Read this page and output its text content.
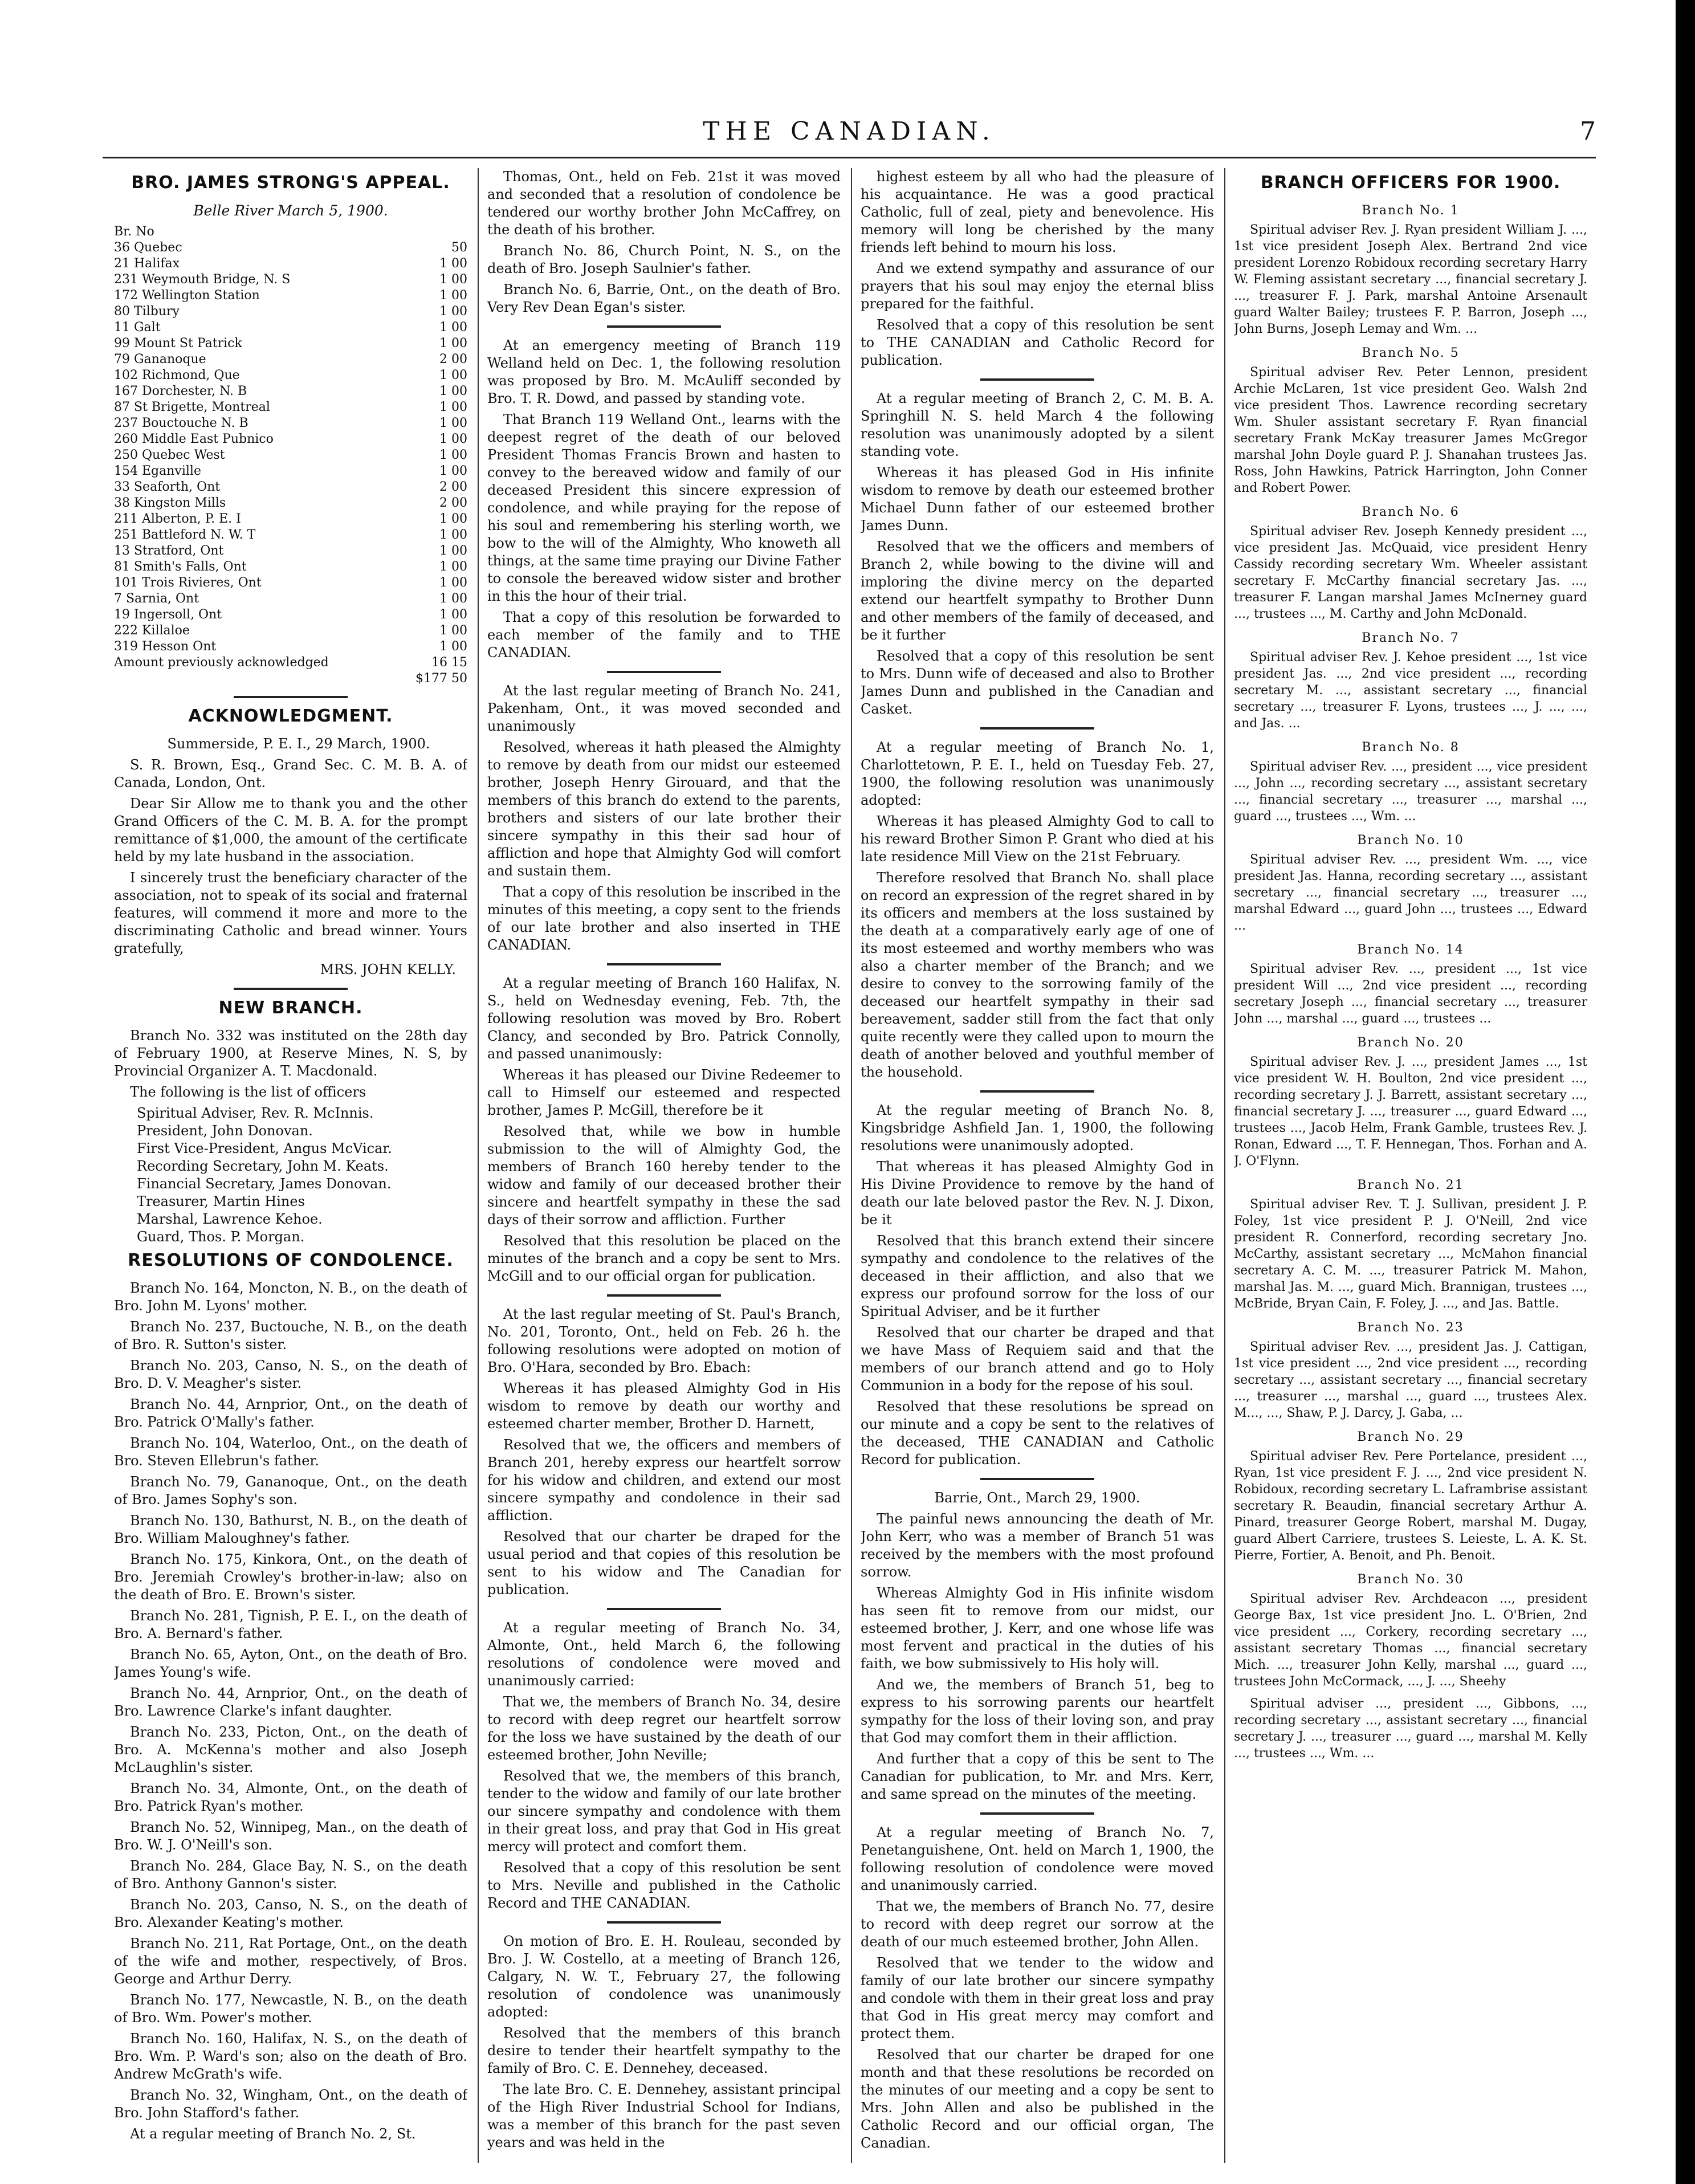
THE CANADIAN.	7
BRO. JAMES STRONG'S APPEAL.
Belle River March 5, 1900.
Br. No
36 Quebec	50
21 Halifax	1 00
231 Weymouth Bridge, N. S	1 00
172 Wellington Station	1 00
80 Tilbury	1 00
11 Galt	1 00
99 Mount St Patrick	1 00
79 Gananoque	2 00
102 Richmond, Que	1 00
167 Dorchester, N. B	1 00
87 St Brigette, Montreal	1 00
237 Bouctouche N. B	1 00
260 Middle East Pubnico	1 00
250 Quebec West	1 00
154 Eganville	1 00
33 Seaforth, Ont	2 00
38 Kingston Mills	2 00
211 Alberton, P. E. I	1 00
251 Battleford N. W. T	1 00
13 Stratford, Ont	1 00
81 Smith's Falls, Ont	1 00
101 Trois Rivieres, Ont	1 00
7 Sarnia, Ont	1 00
19 Ingersoll, Ont	1 00
222 Killaloe	1 00
319 Hesson Ont	1 00
Amount previously acknowledged	16 15
$177 50
ACKNOWLEDGMENT.

Summerside, P. E. I., 29 March, 1900.

S. R. Brown, Esq., Grand Sec. C. M. B. A. of Canada, London, Ont.

Dear Sir Allow me to thank you and the other Grand Officers of the C. M. B. A. for the prompt remittance of $1,000, the amount of the certificate held by my late husband in the association.

I sincerely trust the beneficiary character of the association, not to speak of its social and fraternal features, will commend it more and more to the discriminating Catholic and bread winner. Yours gratefully,

MRS. JOHN KELLY.

NEW BRANCH.

Branch No. 332 was instituted on the 28th day of February 1900, at Reserve Mines, N. S, by Provincial Organizer A. T. Macdonald.

The following is the list of officers

Spiritual Adviser, Rev. R. McInnis.
President, John Donovan.
First Vice-President, Angus McVicar.
Recording Secretary, John M. Keats.
Financial Secretary, James Donovan.
Treasurer, Martin Hines
Marshal, Lawrence Kehoe.
Guard, Thos. P. Morgan.
RESOLUTIONS OF CONDOLENCE.

Branch No. 164, Moncton, N. B., on the death of Bro. John M. Lyons' mother.

Branch No. 237, Buctouche, N. B., on the death of Bro. R. Sutton's sister.

Branch No. 203, Canso, N. S., on the death of Bro. D. V. Meagher's sister.

Branch No. 44, Arnprior, Ont., on the death of Bro. Patrick O'Mally's father.

Branch No. 104, Waterloo, Ont., on the death of Bro. Steven Ellebrun's father.

Branch No. 79, Gananoque, Ont., on the death of Bro. James Sophy's son.

Branch No. 130, Bathurst, N. B., on the death of Bro. William Maloughney's father.

Branch No. 175, Kinkora, Ont., on the death of Bro. Jeremiah Crowley's brother-in-law; also on the death of Bro. E. Brown's sister.

Branch No. 281, Tignish, P. E. I., on the death of Bro. A. Bernard's father.

Branch No. 65, Ayton, Ont., on the death of Bro. James Young's wife.

Branch No. 44, Arnprior, Ont., on the death of Bro. Lawrence Clarke's infant daughter.

Branch No. 233, Picton, Ont., on the death of Bro. A. McKenna's mother and also Joseph McLaughlin's sister.

Branch No. 34, Almonte, Ont., on the death of Bro. Patrick Ryan's mother.

Branch No. 52, Winnipeg, Man., on the death of Bro. W. J. O'Neill's son.

Branch No. 284, Glace Bay, N. S., on the death of Bro. Anthony Gannon's sister.

Branch No. 203, Canso, N. S., on the death of Bro. Alexander Keating's mother.

Branch No. 211, Rat Portage, Ont., on the death of the wife and mother, respectively, of Bros. George and Arthur Derry.

Branch No. 177, Newcastle, N. B., on the death of Bro. Wm. Power's mother.

Branch No. 160, Halifax, N. S., on the death of Bro. Wm. P. Ward's son; also on the death of Bro. Andrew McGrath's wife.

Branch No. 32, Wingham, Ont., on the death of Bro. John Stafford's father.

At a regular meeting of Branch No. 2, St.

Thomas, Ont., held on Feb. 21st it was moved and seconded that a resolution of condolence be tendered our worthy brother John McCaffrey, on the death of his brother.

Branch No. 86, Church Point, N. S., on the death of Bro. Joseph Saulnier's father.

Branch No. 6, Barrie, Ont., on the death of Bro. Very Rev Dean Egan's sister.

At an emergency meeting of Branch 119 Welland held on Dec. 1, the following resolution was proposed by Bro. M. McAuliff seconded by Bro. T. R. Dowd, and passed by standing vote.

That Branch 119 Welland Ont., learns with the deepest regret of the death of our beloved President Thomas Francis Brown and hasten to convey to the bereaved widow and family of our deceased President this sincere expression of condolence, and while praying for the repose of his soul and remembering his sterling worth, we bow to the will of the Almighty, Who knoweth all things, at the same time praying our Divine Father to console the bereaved widow sister and brother in this the hour of their trial.

That a copy of this resolution be forwarded to each member of the family and to THE CANADIAN.

At the last regular meeting of Branch No. 241, Pakenham, Ont., it was moved seconded and unanimously

Resolved, whereas it hath pleased the Almighty to remove by death from our midst our esteemed brother, Joseph Henry Girouard, and that the members of this branch do extend to the parents, brothers and sisters of our late brother their sincere sympathy in this their sad hour of affliction and hope that Almighty God will comfort and sustain them.

That a copy of this resolution be inscribed in the minutes of this meeting, a copy sent to the friends of our late brother and also inserted in THE CANADIAN.

At a regular meeting of Branch 160 Halifax, N. S., held on Wednesday evening, Feb. 7th, the following resolution was moved by Bro. Robert Clancy, and seconded by Bro. Patrick Connolly, and passed unanimously:

Whereas it has pleased our Divine Redeemer to call to Himself our esteemed and respected brother, James P. McGill, therefore be it

Resolved that, while we bow in humble submission to the will of Almighty God, the members of Branch 160 hereby tender to the widow and family of our deceased brother their sincere and heartfelt sympathy in these the sad days of their sorrow and affliction. Further

Resolved that this resolution be placed on the minutes of the branch and a copy be sent to Mrs. McGill and to our official organ for publication.

At the last regular meeting of St. Paul's Branch, No. 201, Toronto, Ont., held on Feb. 26 h. the following resolutions were adopted on motion of Bro. O'Hara, seconded by Bro. Ebach:

Whereas it has pleased Almighty God in His wisdom to remove by death our worthy and esteemed charter member, Brother D. Harnett,

Resolved that we, the officers and members of Branch 201, hereby express our heartfelt sorrow for his widow and children, and extend our most sincere sympathy and condolence in their sad affliction.

Resolved that our charter be draped for the usual period and that copies of this resolution be sent to his widow and The Canadian for publication.

At a regular meeting of Branch No. 34, Almonte, Ont., held March 6, the following resolutions of condolence were moved and unanimously carried:

That we, the members of Branch No. 34, desire to record with deep regret our heartfelt sorrow for the loss we have sustained by the death of our esteemed brother, John Neville;

Resolved that we, the members of this branch, tender to the widow and family of our late brother our sincere sympathy and condolence with them in their great loss, and pray that God in His great mercy will protect and comfort them.

Resolved that a copy of this resolution be sent to Mrs. Neville and published in the Catholic Record and THE CANADIAN.

On motion of Bro. E. H. Rouleau, seconded by Bro. J. W. Costello, at a meeting of Branch 126, Calgary, N. W. T., February 27, the following resolution of condolence was unanimously adopted:

Resolved that the members of this branch desire to tender their heartfelt sympathy to the family of Bro. C. E. Dennehey, deceased.

The late Bro. C. E. Dennehey, assistant principal of the High River Industrial School for Indians, was a member of this branch for the past seven years and was held in the

highest esteem by all who had the pleasure of his acquaintance. He was a good practical Catholic, full of zeal, piety and benevolence. His memory will long be cherished by the many friends left behind to mourn his loss.

And we extend sympathy and assurance of our prayers that his soul may enjoy the eternal bliss prepared for the faithful.

Resolved that a copy of this resolution be sent to THE CANADIAN and Catholic Record for publication.

At a regular meeting of Branch 2, C. M. B. A. Springhill N. S. held March 4 the following resolution was unanimously adopted by a silent standing vote.

Whereas it has pleased God in His infinite wisdom to remove by death our esteemed brother Michael Dunn father of our esteemed brother James Dunn.

Resolved that we the officers and members of Branch 2, while bowing to the divine will and imploring the divine mercy on the departed extend our heartfelt sympathy to Brother Dunn and other members of the family of deceased, and be it further

Resolved that a copy of this resolution be sent to Mrs. Dunn wife of deceased and also to Brother James Dunn and published in the Canadian and Casket.

At a regular meeting of Branch No. 1, Charlottetown, P. E. I., held on Tuesday Feb. 27, 1900, the following resolution was unanimously adopted:

Whereas it has pleased Almighty God to call to his reward Brother Simon P. Grant who died at his late residence Mill View on the 21st February.

Therefore resolved that Branch No. shall place on record an expression of the regret shared in by its officers and members at the loss sustained by the death at a comparatively early age of one of its most esteemed and worthy members who was also a charter member of the Branch; and we desire to convey to the sorrowing family of the deceased our heartfelt sympathy in their sad bereavement, sadder still from the fact that only quite recently were they called upon to mourn the death of another beloved and youthful member of the household.

At the regular meeting of Branch No. 8, Kingsbridge Ashfield Jan. 1, 1900, the following resolutions were unanimously adopted.

That whereas it has pleased Almighty God in His Divine Providence to remove by the hand of death our late beloved pastor the Rev. N. J. Dixon, be it

Resolved that this branch extend their sincere sympathy and condolence to the relatives of the deceased in their affliction, and also that we express our profound sorrow for the loss of our Spiritual Adviser, and be it further

Resolved that our charter be draped and that we have Mass of Requiem said and that the members of our branch attend and go to Holy Communion in a body for the repose of his soul.

Resolved that these resolutions be spread on our minute and a copy be sent to the relatives of the deceased, THE CANADIAN and Catholic Record for publication.

Barrie, Ont., March 29, 1900.

The painful news announcing the death of Mr. John Kerr, who was a member of Branch 51 was received by the members with the most profound sorrow.

Whereas Almighty God in His infinite wisdom has seen fit to remove from our midst, our esteemed brother, J. Kerr, and one whose life was most fervent and practical in the duties of his faith, we bow submissively to His holy will.

And we, the members of Branch 51, beg to express to his sorrowing parents our heartfelt sympathy for the loss of their loving son, and pray that God may comfort them in their affliction.

And further that a copy of this be sent to The Canadian for publication, to Mr. and Mrs. Kerr, and same spread on the minutes of the meeting.

At a regular meeting of Branch No. 7, Penetanguishene, Ont. held on March 1, 1900, the following resolution of condolence were moved and unanimously carried.

That we, the members of Branch No. 77, desire to record with deep regret our sorrow at the death of our much esteemed brother, John Allen.

Resolved that we tender to the widow and family of our late brother our sincere sympathy and condole with them in their great loss and pray that God in His great mercy may comfort and protect them.

Resolved that our charter be draped for one month and that these resolutions be recorded on the minutes of our meeting and a copy be sent to Mrs. John Allen and also be published in the Catholic Record and our official organ, The Canadian.

BRANCH OFFICERS FOR 1900.
Branch No. 1

Spiritual adviser Rev. J. Ryan president William J. ..., 1st vice president Joseph Alex. Bertrand 2nd vice president Lorenzo Robidoux recording secretary Harry W. Fleming assistant secretary ..., financial secretary J. ..., treasurer F. J. Park, marshal Antoine Arsenault guard Walter Bailey; trustees F. P. Barron, Joseph ..., John Burns, Joseph Lemay and Wm. ...

Branch No. 5

Spiritual adviser Rev. Peter Lennon, president Archie McLaren, 1st vice president Geo. Walsh 2nd vice president Thos. Lawrence recording secretary Wm. Shuler assistant secretary F. Ryan financial secretary Frank McKay treasurer James McGregor marshal John Doyle guard P. J. Shanahan trustees Jas. Ross, John Hawkins, Patrick Harrington, John Conner and Robert Power.

Branch No. 6

Spiritual adviser Rev. Joseph Kennedy president ..., vice president Jas. McQuaid, vice president Henry Cassidy recording secretary Wm. Wheeler assistant secretary F. McCarthy financial secretary Jas. ..., treasurer F. Langan marshal James McInerney guard ..., trustees ..., M. Carthy and John McDonald.

Branch No. 7

Spiritual adviser Rev. J. Kehoe president ..., 1st vice president Jas. ..., 2nd vice president ..., recording secretary M. ..., assistant secretary ..., financial secretary ..., treasurer F. Lyons, trustees ..., J. ..., ..., and Jas. ...

Branch No. 8

Spiritual adviser Rev. ..., president ..., vice president ..., John ..., recording secretary ..., assistant secretary ..., financial secretary ..., treasurer ..., marshal ..., guard ..., trustees ..., Wm. ...

Branch No. 10

Spiritual adviser Rev. ..., president Wm. ..., vice president Jas. Hanna, recording secretary ..., assistant secretary ..., financial secretary ..., treasurer ..., marshal Edward ..., guard John ..., trustees ..., Edward ...

Branch No. 14

Spiritual adviser Rev. ..., president ..., 1st vice president Will ..., 2nd vice president ..., recording secretary Joseph ..., financial secretary ..., treasurer John ..., marshal ..., guard ..., trustees ...

Branch No. 20

Spiritual adviser Rev. J. ..., president James ..., 1st vice president W. H. Boulton, 2nd vice president ..., recording secretary J. J. Barrett, assistant secretary ..., financial secretary J. ..., treasurer ..., guard Edward ..., trustees ..., Jacob Helm, Frank Gamble, trustees Rev. J. Ronan, Edward ..., T. F. Hennegan, Thos. Forhan and A. J. O'Flynn.

Branch No. 21

Spiritual adviser Rev. T. J. Sullivan, president J. P. Foley, 1st vice president P. J. O'Neill, 2nd vice president R. Connerford, recording secretary Jno. McCarthy, assistant secretary ..., McMahon financial secretary A. C. M. ..., treasurer Patrick M. Mahon, marshal Jas. M. ..., guard Mich. Brannigan, trustees ..., McBride, Bryan Cain, F. Foley, J. ..., and Jas. Battle.

Branch No. 23

Spiritual adviser Rev. ..., president Jas. J. Cattigan, 1st vice president ..., 2nd vice president ..., recording secretary ..., assistant secretary ..., financial secretary ..., treasurer ..., marshal ..., guard ..., trustees Alex. M..., ..., Shaw, P. J. Darcy, J. Gaba, ...

Branch No. 29

Spiritual adviser Rev. Pere Portelance, president ..., Ryan, 1st vice president F. J. ..., 2nd vice president N. Robidoux, recording secretary L. Laframbrise assistant secretary R. Beaudin, financial secretary Arthur A. Pinard, treasurer George Robert, marshal M. Dugay, guard Albert Carriere, trustees S. Leieste, L. A. K. St. Pierre, Fortier, A. Benoit, and Ph. Benoit.

Branch No. 30

Spiritual adviser Rev. Archdeacon ..., president George Bax, 1st vice president Jno. L. O'Brien, 2nd vice president ..., Corkery, recording secretary ..., assistant secretary Thomas ..., financial secretary Mich. ..., treasurer John Kelly, marshal ..., guard ..., trustees John McCormack, ..., J. ..., Sheehy

Spiritual adviser ..., president ..., Gibbons, ..., recording secretary ..., assistant secretary ..., financial secretary J. ..., treasurer ..., guard ..., marshal M. Kelly ..., trustees ..., Wm. ...
